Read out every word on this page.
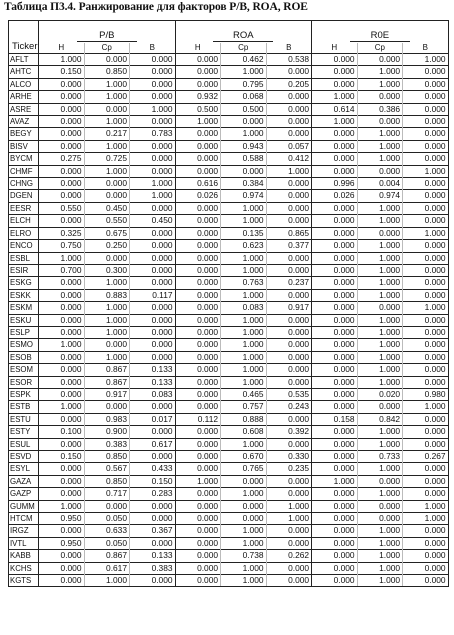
Таблица П3.4. Ранжирование для факторов P/B, ROA, ROE
Ticker	P/B			ROA			R0E		
	Н	Ср	В	Н	Ср	В	Н	Ср	В
AFLT	1.000	0.000	0.000	0.000	0.462	0.538	0.000	0.000	1.000
AHTC	0.150	0.850	0.000	0.000	1.000	0.000	0.000	1.000	0.000
ALCO	0.000	1.000	0.000	0.000	0.795	0.205	0.000	1.000	0.000
ARHE	0.000	1.000	0.000	0.932	0.068	0.000	1.000	0.000	0.000
ASRE	0.000	0.000	1.000	0.500	0.500	0.000	0.614	0.386	0.000
AVAZ	0.000	1.000	0.000	1.000	0.000	0.000	1.000	0.000	0.000
BEGY	0.000	0.217	0.783	0.000	1.000	0.000	0.000	1.000	0.000
BISV	0.000	1.000	0.000	0.000	0.943	0.057	0.000	1.000	0.000
BYCM	0.275	0.725	0.000	0.000	0.588	0.412	0.000	1.000	0.000
CHMF	0.000	1.000	0.000	0.000	0.000	1.000	0.000	0.000	1.000
CHNG	0.000	0.000	1.000	0.616	0.384	0.000	0.996	0.004	0.000
DGEN	0.000	0.000	1.000	0.026	0.974	0.000	0.026	0.974	0.000
EESR	0.550	0.450	0.000	0.000	1.000	0.000	0.000	1.000	0.000
ELCH	0.000	0.550	0.450	0.000	1.000	0.000	0.000	1.000	0.000
ELRO	0.325	0.675	0.000	0.000	0.135	0.865	0.000	0.000	1.000
ENCO	0.750	0.250	0.000	0.000	0.623	0.377	0.000	1.000	0.000
ESBL	1.000	0.000	0.000	0.000	1.000	0.000	0.000	1.000	0.000
ESIR	0.700	0.300	0.000	0.000	1.000	0.000	0.000	1.000	0.000
ESKG	0.000	1.000	0.000	0.000	0.763	0.237	0.000	1.000	0.000
ESKK	0.000	0.883	0.117	0.000	1.000	0.000	0.000	1.000	0.000
ESKM	0.000	1.000	0.000	0.000	0.083	0.917	0.000	0.000	1.000
ESKU	0.000	1.000	0.000	0.000	1.000	0.000	0.000	1.000	0.000
ESLP	0.000	1.000	0.000	0.000	1.000	0.000	0.000	1.000	0.000
ESMO	1.000	0.000	0.000	0.000	1.000	0.000	0.000	1.000	0.000
ESOB	0.000	1.000	0.000	0.000	1.000	0.000	0.000	1.000	0.000
ESOM	0.000	0.867	0.133	0.000	1.000	0.000	0.000	1.000	0.000
ESOR	0.000	0.867	0.133	0.000	1.000	0.000	0.000	1.000	0.000
ESPK	0.000	0.917	0.083	0.000	0.465	0.535	0.000	0.020	0.980
ESTB	1.000	0.000	0.000	0.000	0.757	0.243	0.000	0.000	1.000
ESTU	0.000	0.983	0.017	0.112	0.888	0.000	0.158	0.842	0.000
ESTY	0.100	0.900	0.000	0.000	0.608	0.392	0.000	1.000	0.000
ESUL	0.000	0.383	0.617	0.000	1.000	0.000	0.000	1.000	0.000
ESVD	0.150	0.850	0.000	0.000	0.670	0.330	0.000	0.733	0.267
ESYL	0.000	0.567	0.433	0.000	0.765	0.235	0.000	1.000	0.000
GAZA	0.000	0.850	0.150	1.000	0.000	0.000	1.000	0.000	0.000
GAZP	0.000	0.717	0.283	0.000	1.000	0.000	0.000	1.000	0.000
GUMM	1.000	0.000	0.000	0.000	0.000	1.000	0.000	0.000	1.000
HTCM	0.950	0.050	0.000	0.000	0.000	1.000	0.000	0.000	1.000
IRGZ	0.000	0.633	0.367	0.000	1.000	0.000	0.000	1.000	0.000
IVTL	0.950	0.050	0.000	0.000	1.000	0.000	0.000	1.000	0.000
KABB	0.000	0.867	0.133	0.000	0.738	0.262	0.000	1.000	0.000
KCHS	0.000	0.617	0.383	0.000	1.000	0.000	0.000	1.000	0.000
KGTS	0.000	1.000	0.000	0.000	1.000	0.000	0.000	1.000	0.000
